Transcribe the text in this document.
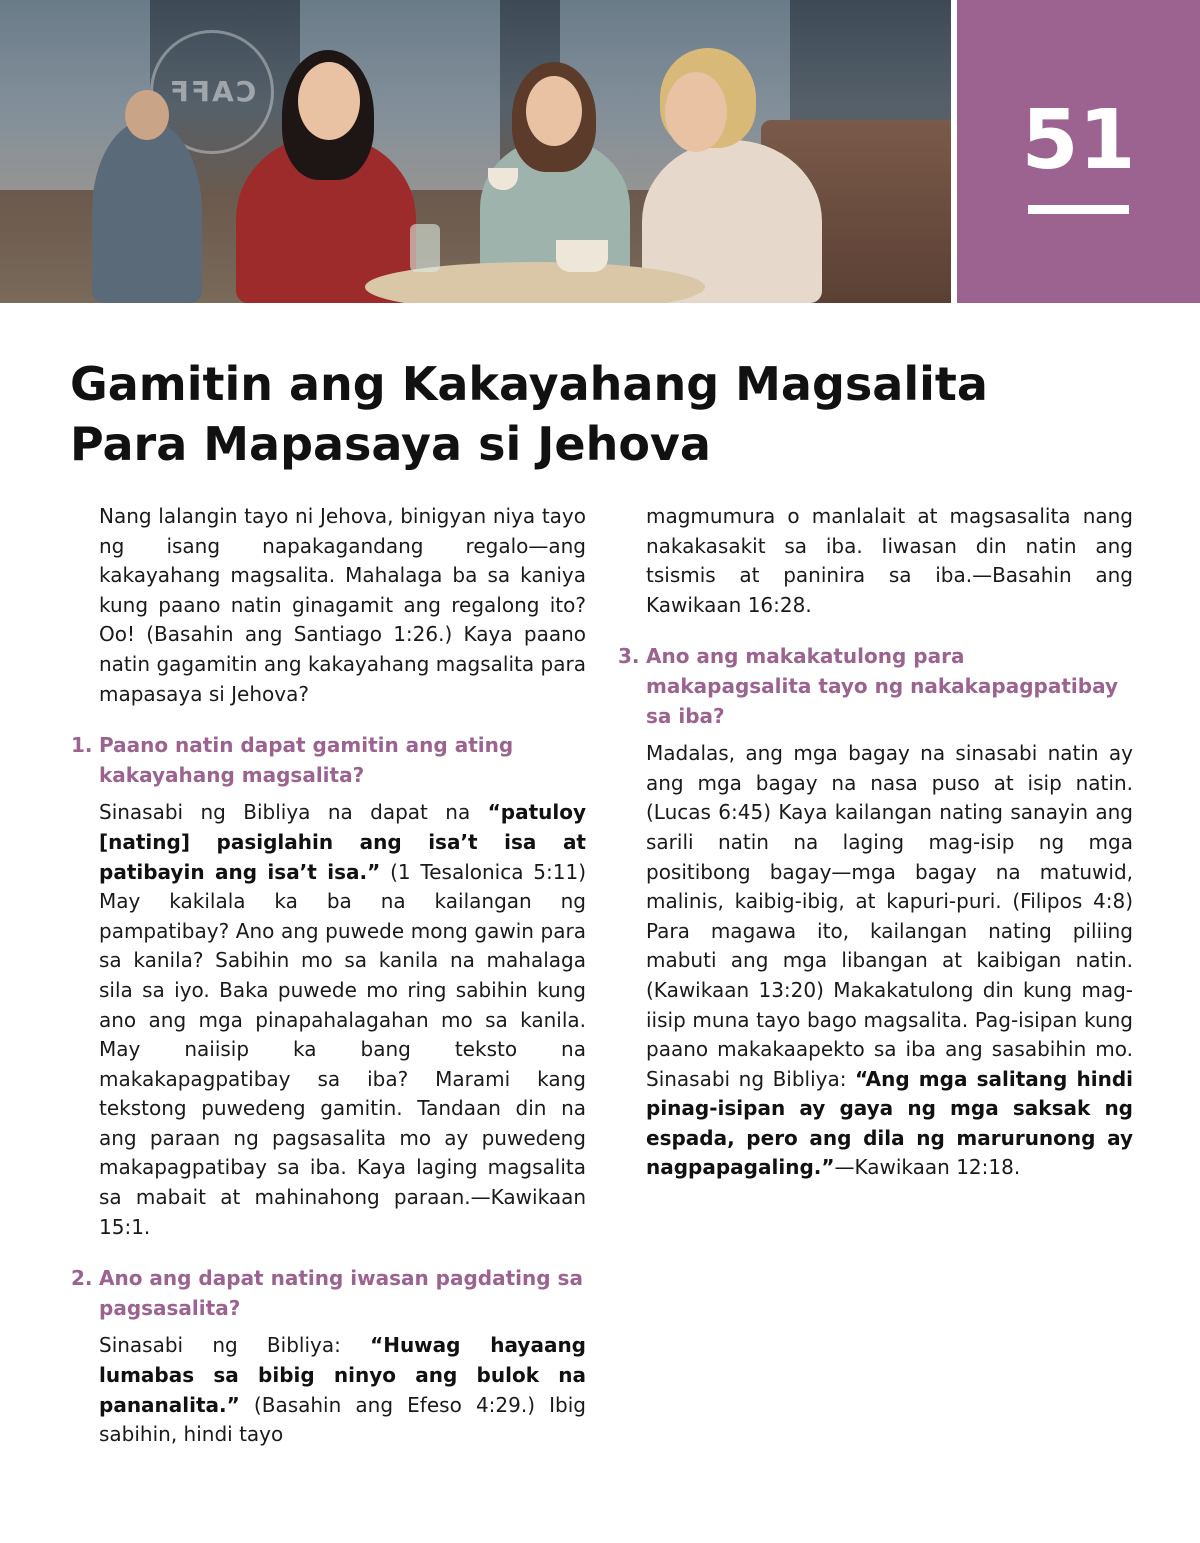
CAFF
51
Gamitin ang Kakayahang Magsalita
Para Mapasaya si Jehova

Nang lalangin tayo ni Jehova, binigyan niya tayo ng isang napakagandang regalo—ang kakayahang magsalita. Mahalaga ba sa kaniya kung paano natin ginagamit ang regalong ito? Oo! (Basahin ang Santiago 1:26.) Kaya paano natin gagamitin ang kakayahang magsalita para mapasaya si Jehova?

1. Paano natin dapat gamitin ang ating kakayahang magsalita?

Sinasabi ng Bibliya na dapat na “patuloy [nating] pasiglahin ang isa’t isa at patibayin ang isa’t isa.” (1 Tesalonica 5:11) May kakilala ka ba na kailangan ng pampatibay? Ano ang puwede mong gawin para sa kanila? Sabihin mo sa kanila na mahalaga sila sa iyo. Baka puwede mo ring sabihin kung ano ang mga pinapahalagahan mo sa kanila. May naiisip ka bang teksto na makakapagpatibay sa iba? Marami kang tekstong puwedeng gamitin. Tandaan din na ang paraan ng pagsasalita mo ay puwedeng makapagpatibay sa iba. Kaya laging magsalita sa mabait at mahinahong paraan.—Kawikaan 15:1.

2. Ano ang dapat nating iwasan pagdating sa pagsasalita?

Sinasabi ng Bibliya: “Huwag hayaang lumabas sa bibig ninyo ang bulok na pananalita.” (Basahin ang Efeso 4:29.) Ibig sabihin, hindi tayo

magmumura o manlalait at magsasalita nang nakakasakit sa iba. Iiwasan din natin ang tsismis at paninira sa iba.—Basahin ang Kawikaan 16:28.

3. Ano ang makakatulong para makapagsalita tayo ng nakakapagpatibay sa iba?

Madalas, ang mga bagay na sinasabi natin ay ang mga bagay na nasa puso at isip natin. (Lucas 6:45) Kaya kailangan nating sanayin ang sarili natin na laging mag-isip ng mga positibong bagay—mga bagay na matuwid, malinis, kaibig-ibig, at kapuri-puri. (Filipos 4:8) Para magawa ito, kailangan nating piliing mabuti ang mga libangan at kaibigan natin. (Kawikaan 13:20) Makakatulong din kung mag-iisip muna tayo bago magsalita. Pag-isipan kung paano makakaapekto sa iba ang sasabihin mo. Sinasabi ng Bibliya: “Ang mga salitang hindi pinag-isipan ay gaya ng mga saksak ng espada, pero ang dila ng marurunong ay nagpapagaling.”—Kawikaan 12:18.
